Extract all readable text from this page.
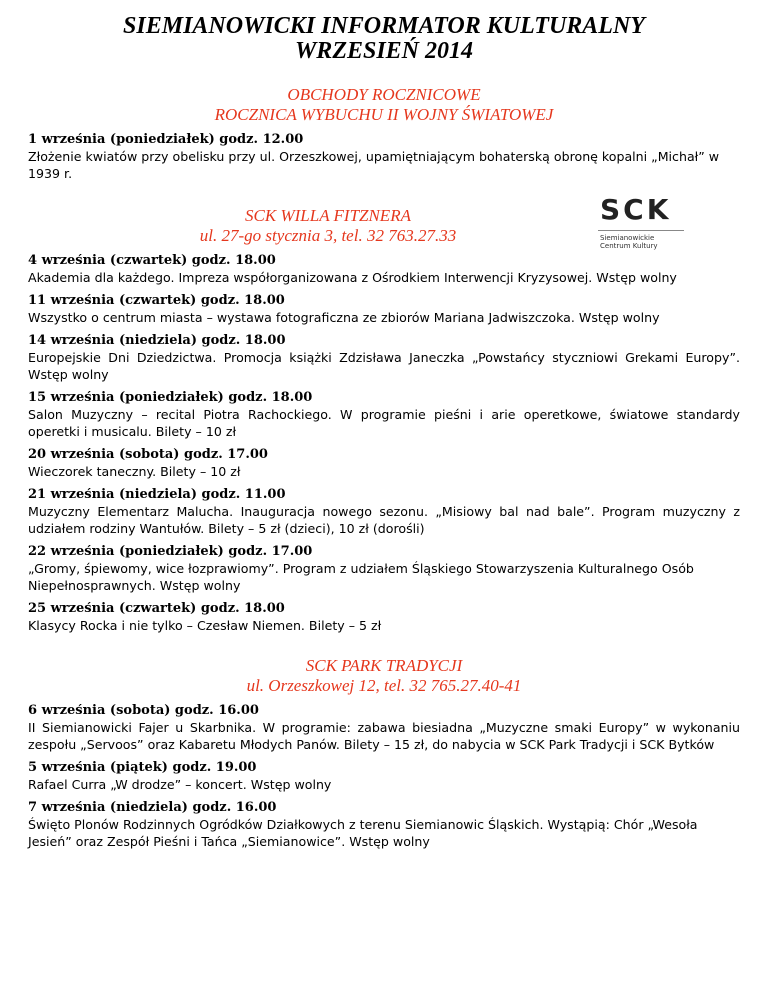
SIEMIANOWICKI INFORMATOR KULTURALNY
WRZESIEŃ 2014
OBCHODY ROCZNICOWE
ROCZNICA WYBUCHU II WOJNY ŚWIATOWEJ
1 września (poniedziałek) godz. 12.00
Złożenie kwiatów przy obelisku przy ul. Orzeszkowej, upamiętniającym bohaterską obronę kopalni „Michał” w 1939 r.
SCK WILLA FITZNERA
ul. 27-go stycznia 3, tel. 32 763.27.33
SCK
Siemianowickie
Centrum Kultury
4 września (czwartek) godz. 18.00
Akademia dla każdego. Impreza współorganizowana z Ośrodkiem Interwencji Kryzysowej. Wstęp wolny
11 września (czwartek) godz. 18.00
Wszystko o centrum miasta – wystawa fotograficzna ze zbiorów Mariana Jadwiszczoka. Wstęp wolny
14 września (niedziela) godz. 18.00
Europejskie Dni Dziedzictwa. Promocja książki Zdzisława Janeczka „Powstańcy styczniowi Grekami Europy”. Wstęp wolny
15 września (poniedziałek) godz. 18.00
Salon Muzyczny – recital Piotra Rachockiego. W programie pieśni i arie operetkowe, światowe standardy operetki i musicalu. Bilety – 10 zł
20 września (sobota) godz. 17.00
Wieczorek taneczny. Bilety – 10 zł
21 września (niedziela) godz. 11.00
Muzyczny Elementarz Malucha. Inauguracja nowego sezonu. „Misiowy bal nad bale”. Program muzyczny z udziałem rodziny Wantułów. Bilety – 5 zł (dzieci), 10 zł (dorośli)
22 września (poniedziałek) godz. 17.00
„Gromy, śpiewomy, wice łozprawiomy”. Program z udziałem Śląskiego Stowarzyszenia Kulturalnego Osób Niepełnosprawnych. Wstęp wolny
25 września (czwartek) godz. 18.00
Klasycy Rocka i nie tylko – Czesław Niemen. Bilety – 5 zł
SCK PARK TRADYCJI
ul. Orzeszkowej 12, tel. 32 765.27.40-41
6 września (sobota) godz. 16.00
II Siemianowicki Fajer u Skarbnika. W programie: zabawa biesiadna „Muzyczne smaki Europy” w wykonaniu zespołu „Servoos” oraz Kabaretu Młodych Panów. Bilety – 15 zł, do nabycia w SCK Park Tradycji i SCK Bytków
5 września (piątek) godz. 19.00
Rafael Curra „W drodze” – koncert. Wstęp wolny
7 września (niedziela) godz. 16.00
Święto Plonów Rodzinnych Ogródków Działkowych z terenu Siemianowic Śląskich. Wystąpią: Chór „Wesoła Jesień” oraz Zespół Pieśni i Tańca „Siemianowice”. Wstęp wolny
